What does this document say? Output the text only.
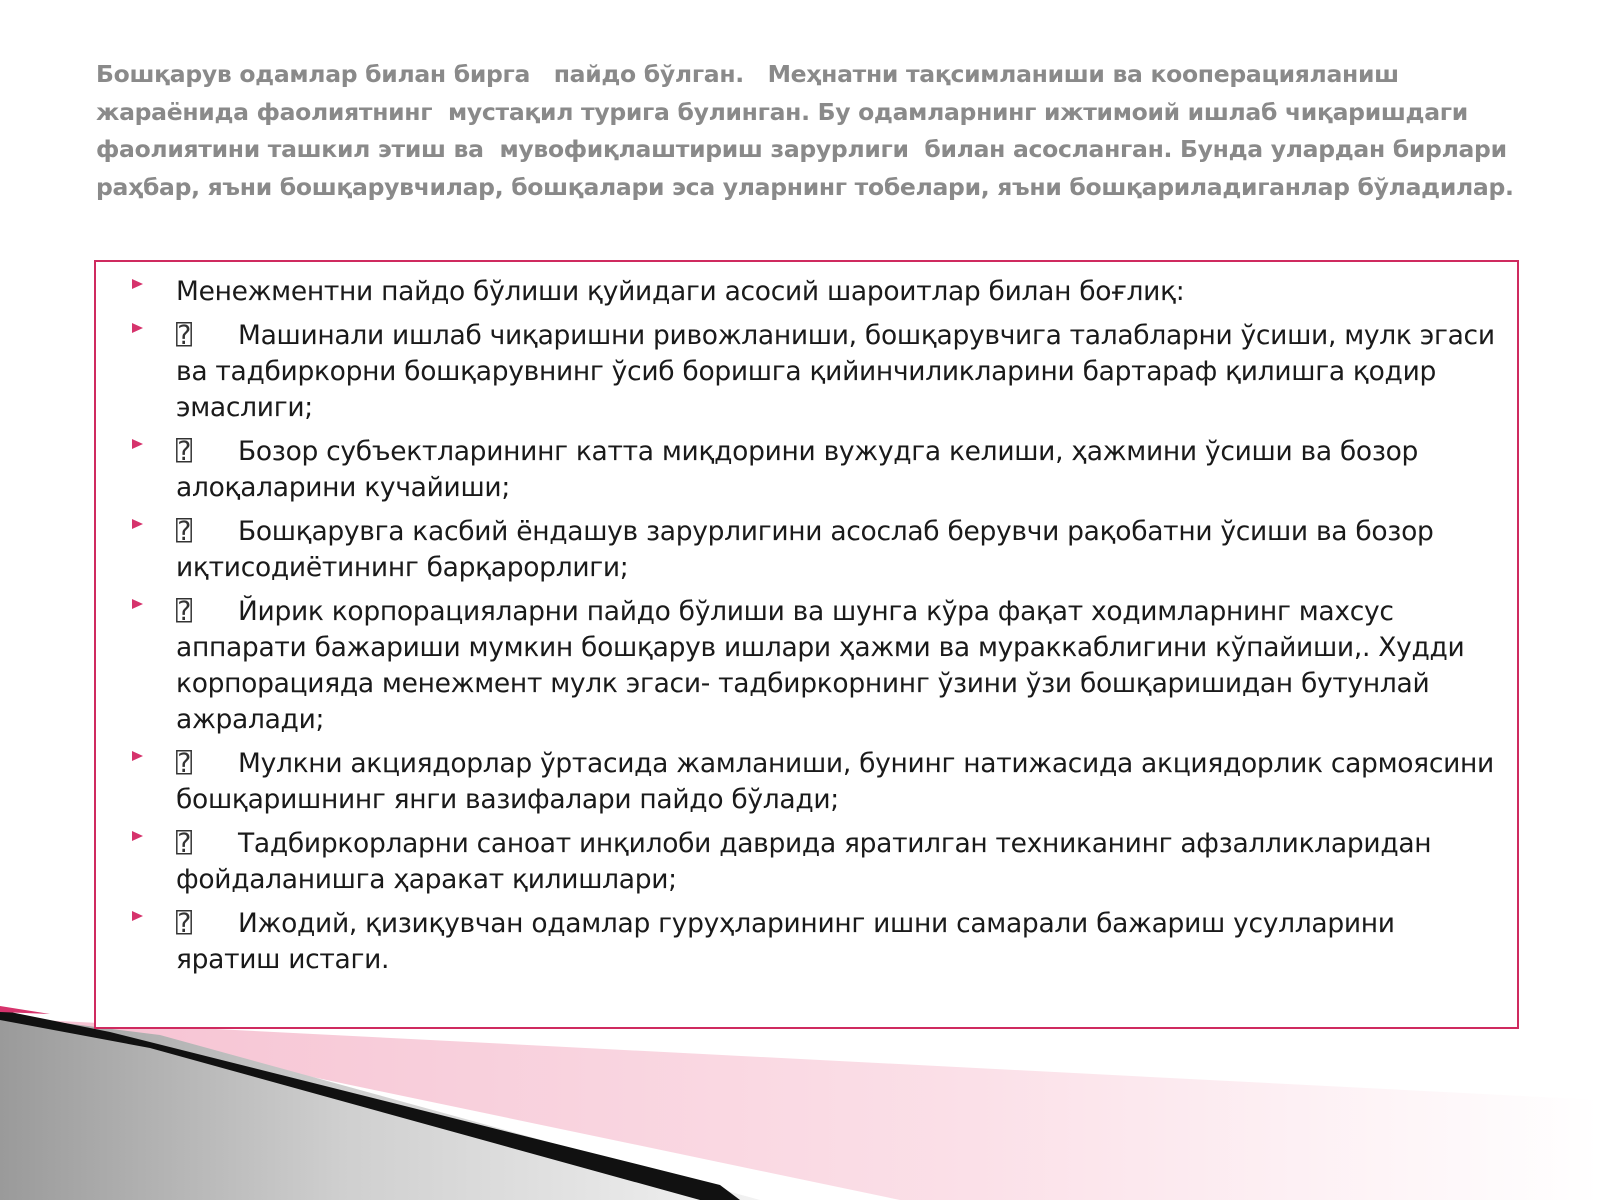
Бошқарув одамлар билан бирга   пайдо бўлган.   Меҳнатни тақсимланиши ва кооперацияланиш жараёнида фаолиятнинг  мустақил турига булинган. Бу одамларнинг ижтимоий ишлаб чиқаришдаги фаолиятини ташкил этиш ва  мувофиқлаштириш зарурлиги  билан асосланган. Бунда улардан бирлари  раҳбар, яъни бошқарувчилар, бошқалари эса уларнинг тобелари, яъни бошқариладиганлар бўладилар.

Менежментни пайдо бўлиши қуйидаги асосий шароитлар билан боғлиқ:
⍰ Машинали ишлаб чиқаришни ривожланиши, бошқарувчига талабларни ўсиши, мулк эгаси ва тадбиркорни бошқарувнинг ўсиб боришга қийинчиликларини бартараф қилишга қодир эмаслиги;
⍰ Бозор субъектларининг катта миқдорини вужудга келиши, ҳажмини ўсиши ва бозор алоқаларини кучайиши;
⍰ Бошқарувга касбий ёндашув зарурлигини асослаб берувчи рақобатни ўсиши ва бозор иқтисодиётининг барқарорлиги;
⍰ Йирик корпорацияларни пайдо бўлиши ва шунга кўра фақат ходимларнинг махсус аппарати бажариши мумкин бошқарув ишлари ҳажми ва мураккаблигини кўпайиши,. Худди корпорацияда менежмент мулк эгаси- тадбиркорнинг ўзини ўзи бошқаришидан бутунлай ажралади;
⍰ Мулкни акциядорлар ўртасида жамланиши, бунинг натижасида акциядорлик сармоясини бошқаришнинг янги вазифалари пайдо бўлади;
⍰ Тадбиркорларни саноат инқилоби даврида яратилган техниканинг афзалликларидан фойдаланишга ҳаракат қилишлари;
⍰ Ижодий, қизиқувчан одамлар гуруҳларининг ишни самарали бажариш усулларини яратиш истаги.
